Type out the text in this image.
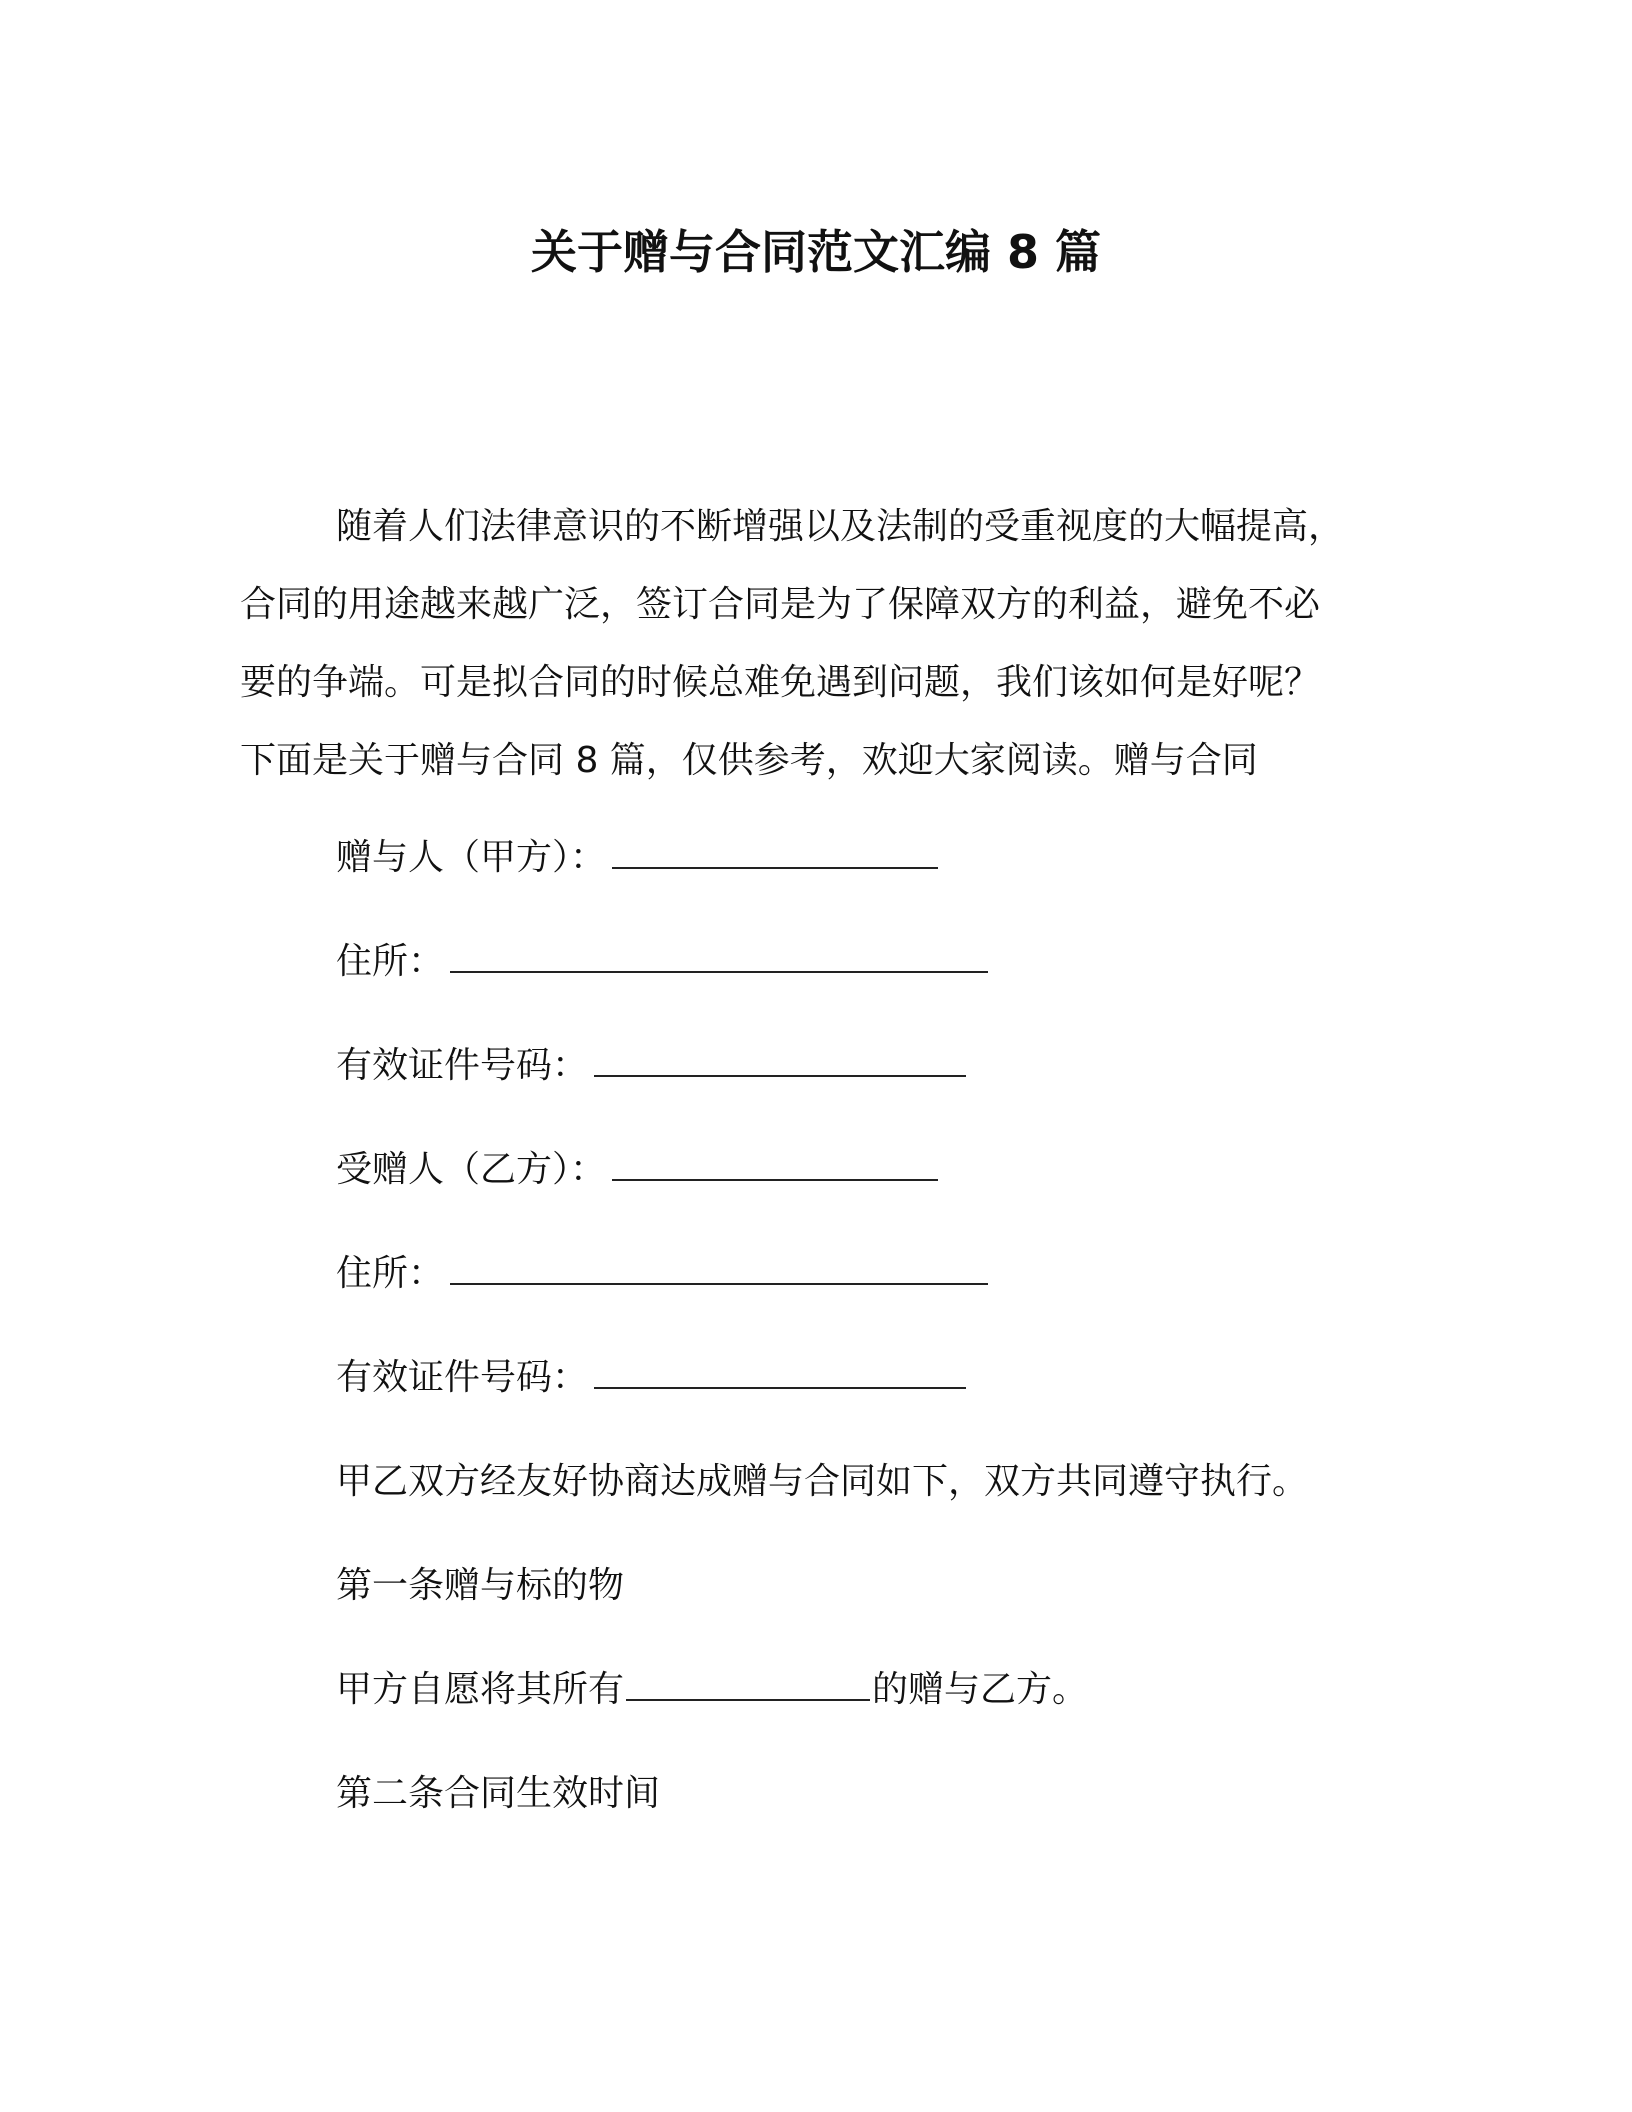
关于赠与合同范文汇编 8 篇

随着人们法律意识的不断增强以及法制的受重视度的大幅提高，
合同的用途越来越广泛，签订合同是为了保障双方的利益，避免不必
要的争端。可是拟合同的时候总难免遇到问题，我们该如何是好呢？
下面是关于赠与合同 8 篇，仅供参考，欢迎大家阅读。赠与合同

赠与人（甲方）：
住所：
有效证件号码：
受赠人（乙方）：
住所：
有效证件号码：
甲乙双方经友好协商达成赠与合同如下，双方共同遵守执行。
第一条赠与标的物
甲方自愿将其所有	的赠与乙方。
第二条合同生效时间
